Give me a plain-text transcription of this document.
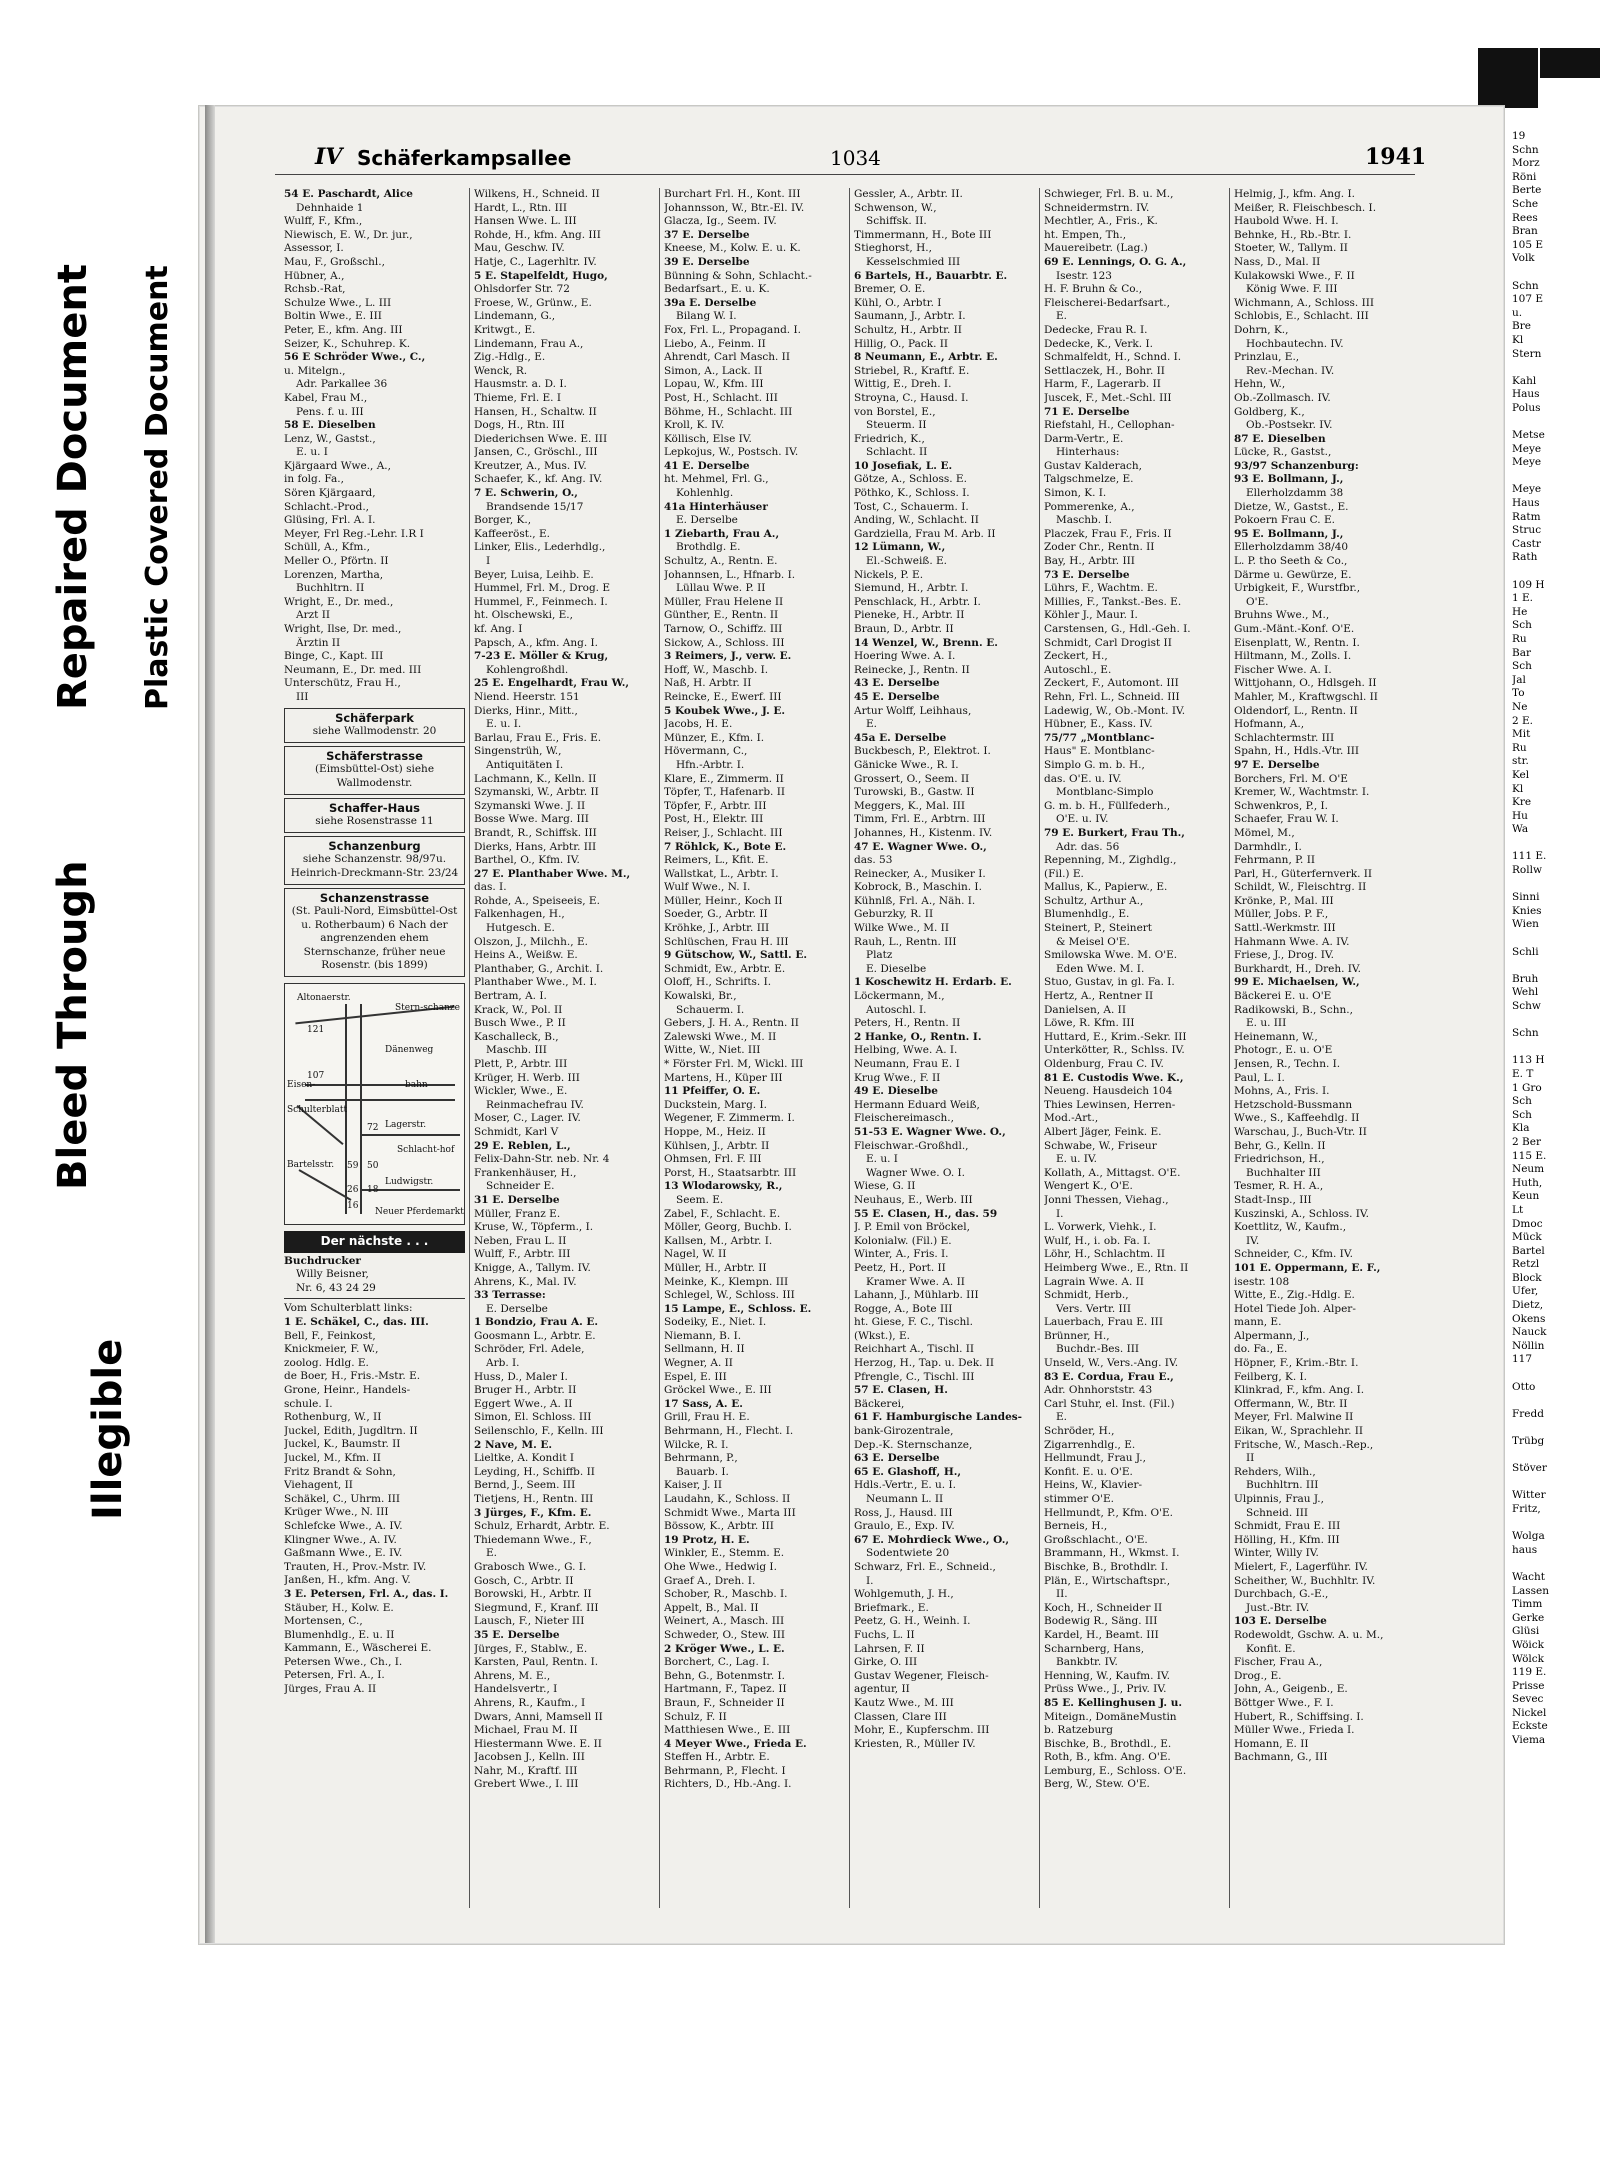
Bleed Through
Repaired Document Plastic Covered Document
Illegible
IV Schäferkampsallee	1034	1941
54 E. Paschardt, Alice
Dehnhaide 1
Wulff, F., Kfm.,
Niewisch, E. W., Dr. jur.,
Assessor, I.
Mau, F., Großschl.,
Hübner, A.,
Rchsb.-Rat,
Schulze Wwe., L. III
Boltin Wwe., E. III
Peter, E., kfm. Ang. III
Seizer, K., Schuhrep. K.
56 E Schröder Wwe., C.,
u. Mitelgn.,
Adr. Parkallee 36
Kabel, Frau M.,
Pens. f. u. III
58 E. Dieselben
Lenz, W., Gastst.,
E. u. I
Kjärgaard Wwe., A.,
in folg. Fa.,
Sören Kjärgaard,
Schlacht.-Prod.,
Glüsing, Frl. A. I.
Meyer, Frl Reg.-Lehr. I.R I
Schüll, A., Kfm.,
Meller O., Pförtn. II
Lorenzen, Martha,
Buchhltrn. II
Wright, E., Dr. med.,
Arzt II
Wright, Ilse, Dr. med.,
Ärztin II
Binge, C., Kapt. III
Neumann, E., Dr. med. III
Unterschütz, Frau H.,
III
Schäferpark
siehe Wallmodenstr. 20
Schäferstrasse
(Eimsbüttel-Ost) siehe Wallmodenstr.
Schaffer-Haus
siehe Rosenstrasse 11
Schanzenburg
siehe Schanzenstr. 98/97u. Heinrich-Dreckmann-Str. 23/24
Schanzenstrasse
(St. Pauli-Nord, Eimsbüttel-Ost u. Rotherbaum) 6 Nach der angrenzenden ehem Sternschanze, früher neue Rosenstr. (bis 1899)
Altonaerstr.
Stern-schanze
Dänenweg
Eisen-	bahn
Lagerstr.
Schlacht-hof
Ludwigstr.
Neuer Pferdemarkt
Schulterblatt
Bartelsstr.
121
107
72
50
59
18
26
16
Der nächste . . .
Buchdrucker
Willy Beisner,
Nr. 6, 43 24 29
Vom Schulterblatt links:
1 E. Schäkel, C., das. III.
Bell, F., Feinkost,
Knickmeier, F. W.,
zoolog. Hdlg. E.
de Boer, H., Fris.-Mstr. E.
Grone, Heinr., Handels-
schule. I.
Rothenburg, W., II
Juckel, Edith, Jugdltrn. II
Juckel, K., Baumstr. II
Juckel, M., Kfm. II
Fritz Brandt & Sohn,
Viehagent, II
Schäkel, C., Uhrm. III
Krüger Wwe., N. III
Schlefcke Wwe., A. IV.
Klingner Wwe., A. IV.
Gaßmann Wwe., E. IV.
Trauten, H., Prov.-Mstr. IV.
Janßen, H., kfm. Ang. V.
3 E. Petersen, Frl. A., das. I.
Stäuber, H., Kolw. E.
Mortensen, C.,
Blumenhdlg., E. u. II
Kammann, E., Wäscherei E.
Petersen Wwe., Ch., I.
Petersen, Frl. A., I.
Jürges, Frau A. II
Wilkens, H., Schneid. II
Hardt, L., Rtn. III
Hansen Wwe. L. III
Rohde, H., kfm. Ang. III
Mau, Geschw. IV.
Hatje, C., Lagerhltr. IV.
5 E. Stapelfeldt, Hugo,
Ohlsdorfer Str. 72
Froese, W., Grünw., E.
Lindemann, G.,
Kritwgt., E.
Lindemann, Frau A.,
Zig.-Hdlg., E.
Wenck, R.
Hausmstr. a. D. I.
Thieme, Frl. E. I
Hansen, H., Schaltw. II
Dogs, H., Rtn. III
Diederichsen Wwe. E. III
Jansen, C., Gröschl., III
Kreutzer, A., Mus. IV.
Schaefer, K., kf. Ang. IV.
7 E. Schwerin, O.,
Brandsende 15/17
Borger, K.,
Kaffeeröst., E.
Linker, Elis., Lederhdlg.,
I
Beyer, Luisa, Leihb. E.
Hummel, Frl. M., Drog. E
Hummel, F., Feinmech. I.
ht. Olschewski, E.,
kf. Ang. I
Papsch, A., kfm. Ang. I.
7-23 E. Möller & Krug,
Kohlengroßhdl.
25 E. Engelhardt, Frau W.,
Niend. Heerstr. 151
Dierks, Hinr., Mitt.,
E. u. I.
Barlau, Frau E., Fris. E.
Singenstrüh, W.,
Antiquitäten I.
Lachmann, K., Kelln. II
Szymanski, W., Arbtr. II
Szymanski Wwe. J. II
Bosse Wwe. Marg. III
Brandt, R., Schiffsk. III
Dierks, Hans, Arbtr. III
Barthel, O., Kfm. IV.
27 E. Planthaber Wwe. M.,
das. I.
Rohde, A., Speiseeis, E.
Falkenhagen, H.,
Hutgesch. E.
Olszon, J., Milchh., E.
Heins A., Weißw. E.
Planthaber, G., Archit. I.
Planthaber Wwe., M. I.
Bertram, A. I.
Krack, W., Pol. II
Busch Wwe., P. II
Kaschalleck, B.,
Maschb. III
Plett, P., Arbtr. III
Krüger, H. Werb. III
Wickler, Wwe., E.
Reinmachefrau IV.
Moser, C., Lager. IV.
Schmidt, Karl V
29 E. Reblen, L.,
Felix-Dahn-Str. neb. Nr. 4
Frankenhäuser, H.,
Schneider E.
31 E. Derselbe
Müller, Franz E.
Kruse, W., Töpferm., I.
Neben, Frau L. II
Wulff, F., Arbtr. III
Knigge, A., Tallym. IV.
Ahrens, K., Mal. IV.
33 Terrasse:
E. Derselbe
1 Bondzio, Frau A. E.
Goosmann L., Arbtr. E.
Schröder, Frl. Adele,
Arb. I.
Huss, D., Maler I.
Bruger H., Arbtr. II
Eggert Wwe., A. II
Simon, El. Schloss. III
Seilenschlo, F., Kelln. III
2 Nave, M. E.
Lieltke, A. Kondit I
Leyding, H., Schiffb. II
Bernd, J., Seem. III
Tietjens, H., Rentn. III
3 Jürges, F., Kfm. E.
Schulz, Erhardt, Arbtr. E.
Thiedemann Wwe., F.,
E.
Grabosch Wwe., G. I.
Gosch, C., Arbtr. II
Borowski, H., Arbtr. II
Siegmund, F., Kranf. III
Lausch, F., Nieter III
35 E. Derselbe
Jürges, F., Stablw., E.
Karsten, Paul, Rentn. I.
Ahrens, M. E.,
Handelsvertr., I
Ahrens, R., Kaufm., I
Dwars, Anni, Mamsell II
Michael, Frau M. II
Hiestermann Wwe. E. II
Jacobsen J., Kelln. III
Nahr, M., Kraftf. III
Grebert Wwe., I. III
Burchart Frl. H., Kont. III
Johannsson, W., Btr.-El. IV.
Glacza, Ig., Seem. IV.
37 E. Derselbe
Kneese, M., Kolw. E. u. K.
39 E. Derselbe
Bünning & Sohn, Schlacht.-
Bedarfsart., E. u. K.
39a E. Derselbe
Bilang W. I.
Fox, Frl. L., Propagand. I.
Liebo, A., Feinm. II
Ahrendt, Carl Masch. II
Simon, A., Lack. II
Lopau, W., Kfm. III
Post, H., Schlacht. III
Böhme, H., Schlacht. III
Kroll, K. IV.
Köllisch, Else IV.
Lepkojus, W., Postsch. IV.
41 E. Derselbe
ht. Mehmel, Frl. G.,
Kohlenhlg.
41a Hinterhäuser
E. Derselbe
1 Ziebarth, Frau A.,
Brothdlg. E.
Schultz, A., Rentn. E.
Johannsen, L., Hfnarb. I.
Lüllau Wwe. P. II
Müller, Frau Helene II
Günther, E., Rentn. II
Tarnow, O., Schiffz. III
Sickow, A., Schloss. III
3 Reimers, J., verw. E.
Hoff, W., Maschb. I.
Naß, H. Arbtr. II
Reincke, E., Ewerf. III
5 Koubek Wwe., J. E.
Jacobs, H. E.
Münzer, E., Kfm. I.
Hövermann, C.,
Hfn.-Arbtr. I.
Klare, E., Zimmerm. II
Töpfer, T., Hafenarb. II
Töpfer, F., Arbtr. III
Post, H., Elektr. III
Reiser, J., Schlacht. III
7 Röhlck, K., Bote E.
Reimers, L., Kfit. E.
Wallstkat, L., Arbtr. I.
Wulf Wwe., N. I.
Müller, Heinr., Koch II
Soeder, G., Arbtr. II
Kröhke, J., Arbtr. III
Schlüschen, Frau H. III
9 Gütschow, W., Sattl. E.
Schmidt, Ew., Arbtr. E.
Oloff, H., Schrifts. I.
Kowalski, Br.,
Schauerm. I.
Gebers, J. H. A., Rentn. II
Zalewski Wwe., M. II
Witte, W., Niet. III
* Förster Frl. M, Wickl. III
Martens, H., Küper III
11 Pfeiffer, O. E.
Duckstein, Marg. I.
Wegener, F. Zimmerm. I.
Hoppe, M., Heiz. II
Kühlsen, J., Arbtr. II
Ohmsen, Frl. F. III
Porst, H., Staatsarbtr. III
13 Wlodarowsky, R.,
Seem. E.
Zabel, F., Schlacht. E.
Möller, Georg, Buchb. I.
Kallsen, M., Arbtr. I.
Nagel, W. II
Müller, H., Arbtr. II
Meinke, K., Klempn. III
Schlegel, W., Schloss. III
15 Lampe, E., Schloss. E.
Sodeiky, E., Niet. I.
Niemann, B. I.
Sellmann, H. II
Wegner, A. II
Espel, E. III
Gröckel Wwe., E. III
17 Sass, A. E.
Grill, Frau H. E.
Behrmann, H., Flecht. I.
Wilcke, R. I.
Behrmann, P.,
Bauarb. I.
Kaiser, J. II
Laudahn, K., Schloss. II
Schmidt Wwe., Marta III
Bössow, K., Arbtr. III
19 Protz, H. E.
Winkler, E., Stemm. E.
Ohe Wwe., Hedwig I.
Graef A., Dreh. I.
Schober, R., Maschb. I.
Appelt, B., Mal. II
Weinert, A., Masch. III
Schweder, O., Stew. III
2 Kröger Wwe., L. E.
Borchert, C., Lag. I.
Behn, G., Botenmstr. I.
Hartmann, F., Tapez. II
Braun, F., Schneider II
Schulz, F. II
Matthiesen Wwe., E. III
4 Meyer Wwe., Frieda E.
Steffen H., Arbtr. E.
Behrmann, P., Flecht. I
Richters, D., Hb.-Ang. I.
Gessler, A., Arbtr. II.
Schwenson, W.,
Schiffsk. II.
Timmermann, H., Bote III
Stieghorst, H.,
Kesselschmied III
6 Bartels, H., Bauarbtr. E.
Bremer, O. E.
Kühl, O., Arbtr. I
Saumann, J., Arbtr. I.
Schultz, H., Arbtr. II
Hillig, O., Pack. II
8 Neumann, E., Arbtr. E.
Striebel, R., Kraftf. E.
Wittig, E., Dreh. I.
Stroyna, C., Hausd. I.
von Borstel, E.,
Steuerm. II
Friedrich, K.,
Schlacht. II
10 Josefiak, L. E.
Götze, A., Schloss. E.
Pöthko, K., Schloss. I.
Tost, C., Schauerm. I.
Anding, W., Schlacht. II
Gardziella, Frau M. Arb. II
12 Lümann, W.,
El.-Schweiß. E.
Nickels, P. E.
Siemund, H., Arbtr. I.
Penschlack, H., Arbtr. I.
Pieneke, H., Arbtr. II
Braun, D., Arbtr. II
14 Wenzel, W., Brenn. E.
Hoering Wwe. A. I.
Reinecke, J., Rentn. II
43 E. Derselbe
45 E. Derselbe
Artur Wolff, Leihhaus,
E.
45a E. Derselbe
Buckbesch, P., Elektrot. I.
Gänicke Wwe., R. I.
Grossert, O., Seem. II
Turowski, B., Gastw. II
Meggers, K., Mal. III
Timm, Frl. E., Arbtrn. III
Johannes, H., Kistenm. IV.
47 E. Wagner Wwe. O.,
das. 53
Reinecker, A., Musiker I.
Kobrock, B., Maschin. I.
Kühnlß, Frl. A., Näh. I.
Geburzky, R. II
Wilke Wwe., M. II
Rauh, L., Rentn. III
Platz
E. Dieselbe
1 Koschewitz H. Erdarb. E.
Löckermann, M.,
Autoschl. I.
Peters, H., Rentn. II
2 Hanke, O., Rentn. I.
Helbing, Wwe. A. I.
Neumann, Frau E. I
Krug Wwe., F. II
49 E. Dieselbe
Hermann Eduard Weiß,
Fleischereimasch.,
51-53 E. Wagner Wwe. O.,
Fleischwar.-Großhdl.,
E. u. I
Wagner Wwe. O. I.
Wiese, G. II
Neuhaus, E., Werb. III
55 E. Clasen, H., das. 59
J. P. Emil von Bröckel,
Kolonialw. (Fil.) E.
Winter, A., Fris. I.
Peetz, H., Port. II
Kramer Wwe. A. II
Lahann, J., Mühlarb. III
Rogge, A., Bote III
ht. Giese, F. C., Tischl.
(Wkst.), E.
Reichhart A., Tischl. II
Herzog, H., Tap. u. Dek. II
Pfrengle, C., Tischl. III
57 E. Clasen, H.
Bäckerei,
61 F. Hamburgische Landes-
bank-Girozentrale,
Dep.-K. Sternschanze,
63 E. Derselbe
65 E. Glashoff, H.,
Hdls.-Vertr., E. u. I.
Neumann L. II
Ross, J., Hausd. III
Graulo, E., Exp. IV.
67 E. Mohrdieck Wwe., O.,
Sodentwiete 20
Schwarz, Frl. E., Schneid.,
I.
Wohlgemuth, J. H.,
Briefmark., E.
Peetz, G. H., Weinh. I.
Fuchs, L. II
Lahrsen, F. II
Girke, O. III
Gustav Wegener, Fleisch-
agentur, II
Kautz Wwe., M. III
Classen, Clare III
Mohr, E., Kupferschm. III
Kriesten, R., Müller IV.
Schwieger, Frl. B. u. M.,
Schneidermstrn. IV.
Mechtler, A., Fris., K.
ht. Empen, Th.,
Mauereibetr. (Lag.)
69 E. Lennings, O. G. A.,
Isestr. 123
H. F. Bruhn & Co.,
Fleischerei-Bedarfsart.,
E.
Dedecke, Frau R. I.
Dedecke, K., Verk. I.
Schmalfeldt, H., Schnd. I.
Settlaczek, H., Bohr. II
Harm, F., Lagerarb. II
Juscek, F., Met.-Schl. III
71 E. Derselbe
Riefstahl, H., Cellophan-
Darm-Vertr., E.
Hinterhaus:
Gustav Kalderach,
Talgschmelze, E.
Simon, K. I.
Pommerenke, A.,
Maschb. I.
Placzek, Frau F., Fris. II
Zoder Chr., Rentn. II
Bay, H., Arbtr. III
73 E. Derselbe
Lührs, F., Wachtm. E.
Millies, F., Tankst.-Bes. E.
Köhler J., Maur. I.
Carstensen, G., Hdl.-Geh. I.
Schmidt, Carl Drogist II
Zeckert, H.,
Autoschl., E.
Zeckert, F., Automont. III
Rehn, Frl. L., Schneid. III
Ladewig, W., Ob.-Mont. IV.
Hübner, E., Kass. IV.
75/77 „Montblanc-
Haus" E. Montblanc-
Simplo G. m. b. H.,
das. O'E. u. IV.
Montblanc-Simplo
G. m. b. H., Füllfederh.,
O'E. u. IV.
79 E. Burkert, Frau Th.,
Adr. das. 56
Repenning, M., Zighdlg.,
(Fil.) E.
Mallus, K., Papierw., E.
Schultz, Arthur A.,
Blumenhdlg., E.
Steinert, P., Steinert
& Meisel O'E.
Smilowska Wwe. M. O'E.
Eden Wwe. M. I.
Stuo, Gustav, in gl. Fa. I.
Hertz, A., Rentner II
Danielsen, A. II
Löwe, R. Kfm. III
Huttard, E., Krim.-Sekr. III
Unterkötter, R., Schlss. IV.
Oldenburg, Frau C. IV.
81 E. Custodis Wwe. K.,
Neueng. Hausdeich 104
Thies Lewinsen, Herren-
Mod.-Art.,
Albert Jäger, Feink. E.
Schwabe, W., Friseur
E. u. IV.
Kollath, A., Mittagst. O'E.
Wengert K., O'E.
Jonni Thessen, Viehag.,
I.
L. Vorwerk, Viehk., I.
Wulf, H., i. ob. Fa. I.
Löhr, H., Schlachtm. II
Heimberg Wwe., E., Rtn. II
Lagrain Wwe. A. II
Schmidt, Herb.,
Vers. Vertr. III
Lauerbach, Frau E. III
Brünner, H.,
Buchdr.-Bes. III
Unseld, W., Vers.-Ang. IV.
83 E. Cordua, Frau E.,
Adr. Ohnhorststr. 43
Carl Stuhr, el. Inst. (Fil.)
E.
Schröder, H.,
Zigarrenhdlg., E.
Hellmundt, Frau J.,
Konfit. E. u. O'E.
Heins, W., Klavier-
stimmer O'E.
Hellmundt, P., Kfm. O'E.
Berneis, H.,
Großschlacht., O'E.
Brammann, H., Wkmst. I.
Bischke, B., Brothdlr. I.
Plän, E., Wirtschaftspr.,
II.
Koch, H., Schneider II
Bodewig R., Säng. III
Kardel, H., Beamt. III
Scharnberg, Hans,
Bankbtr. IV.
Henning, W., Kaufm. IV.
Prüss Wwe., J., Priv. IV.
85 E. Kellinghusen J. u.
Miteign., DomäneMustin
b. Ratzeburg
Bischke, B., Brothdl., E.
Roth, B., kfm. Ang. O'E.
Lemburg, E., Schloss. O'E.
Berg, W., Stew. O'E.
Helmig, J., kfm. Ang. I.
Meißer, R. Fleischbesch. I.
Haubold Wwe. H. I.
Behnke, H., Rb.-Btr. I.
Stoeter, W., Tallym. II
Nass, D., Mal. II
Kulakowski Wwe., F. II
König Wwe. F. III
Wichmann, A., Schloss. III
Schlobis, E., Schlacht. III
Dohrn, K.,
Hochbautechn. IV.
Prinzlau, E.,
Rev.-Mechan. IV.
Hehn, W.,
Ob.-Zollmasch. IV.
Goldberg, K.,
Ob.-Postsekr. IV.
87 E. Dieselben
Lücke, R., Gastst.,
93/97 Schanzenburg:
93 E. Bollmann, J.,
Ellerholzdamm 38
Dietze, W., Gastst., E.
Pokoern Frau C. E.
95 E. Bollmann, J.,
Ellerholzdamm 38/40
L. P. tho Seeth & Co.,
Därme u. Gewürze, E.
Urbigkeit, F., Wurstfbr.,
O'E.
Bruhns Wwe., M.,
Gum.-Mänt.-Konf. O'E.
Eisenplatt, W., Rentn. I.
Hiltmann, M., Zolls. I.
Fischer Wwe. A. I.
Wittjohann, O., Hdlsgeh. II
Mahler, M., Kraftwgschl. II
Oldendorf, L., Rentn. II
Hofmann, A.,
Schlachtermstr. III
Spahn, H., Hdls.-Vtr. III
97 E. Derselbe
Borchers, Frl. M. O'E
Kremer, W., Wachtmstr. I.
Schwenkros, P., I.
Schaefer, Frau W. I.
Mömel, M.,
Darmhdlr., I.
Fehrmann, P. II
Parl, H., Güterfernverk. II
Schildt, W., Fleischtrg. II
Krönke, P., Mal. III
Müller, Jobs. P. F.,
Sattl.-Werkmstr. III
Hahmann Wwe. A. IV.
Friese, J., Drog. IV.
Burkhardt, H., Dreh. IV.
99 E. Michaelsen, W.,
Bäckerei E. u. O'E
Radikowski, B., Schn.,
E. u. III
Heinemann, W.,
Photogr., E. u. O'E
Jensen, R., Techn. I.
Paul, L. I.
Mohns, A., Fris. I.
Hetzschold-Bussmann
Wwe., S., Kaffeehdlg. II
Warschau, J., Buch-Vtr. II
Behr, G., Kelln. II
Friedrichson, H.,
Buchhalter III
Tesmer, R. H. A.,
Stadt-Insp., III
Kuszinski, A., Schloss. IV.
Koettlitz, W., Kaufm.,
IV.
Schneider, C., Kfm. IV.
101 E. Oppermann, E. F.,
isestr. 108
Witte, E., Zig.-Hdlg. E.
Hotel Tiede Joh. Alper-
mann, E.
Alpermann, J.,
do. Fa., E.
Höpner, F., Krim.-Btr. I.
Feilberg, K. I.
Klinkrad, F., kfm. Ang. I.
Offermann, W., Btr. II
Meyer, Frl. Malwine II
Eikan, W., Sprachlehr. II
Fritsche, W., Masch.-Rep.,
II
Rehders, Wilh.,
Buchhltrn. III
Ulpinnis, Frau J.,
Schneid. III
Schmidt, Frau E. III
Hölling, H., Kfm. III
Winter, Willy IV.
Mielert, F., Lagerführ. IV.
Scheither, W., Buchhltr. IV.
Durchbach, G.-E.,
Just.-Btr. IV.
103 E. Derselbe
Rodewoldt, Gschw. A. u. M.,
Konfit. E.
Fischer, Frau A.,
Drog., E.
John, A., Geigenb., E.
Böttger Wwe., F. I.
Hubert, R., Schiffsing. I.
Müller Wwe., Frieda I.
Homann, E. II
Bachmann, G., III
19
Schn
Morz
Röni
Berte
Sche
Rees
Bran
105 E
Volk

Schn
107 E
u.
Bre
Kl
Stern

Kahl
Haus
Polus

Metse
Meye
Meye

Meye
Haus
Ratm
Struc
Castr
Rath

109 H
1 E.
He
Sch
Ru
Bar
Sch
Jal
To
Ne
2 E.
Mit
Ru
str.
Kel
Kl
Kre
Hu
Wa

111 E.
Rollw

Sinni
Knies
Wien

Schli

Bruh
Wehl
Schw

Schn

113 H
E. T
1 Gro
Sch
Sch
Kla
2 Ber
115 E.
Neum
Huth,
Keun
Lt
Dmoc
Mück
Bartel
Retzl
Block
Ufer,
Dietz,
Okens
Nauck
Nöllin
117

Otto

Fredd

Trübg

Stöver

Witter
Fritz,

Wolga
haus

Wacht
Lassen
Timm
Gerke
Glüsi
Wöick
Wölck
119 E.
Prisse
Sevec
Nickel
Eckste
Viema
